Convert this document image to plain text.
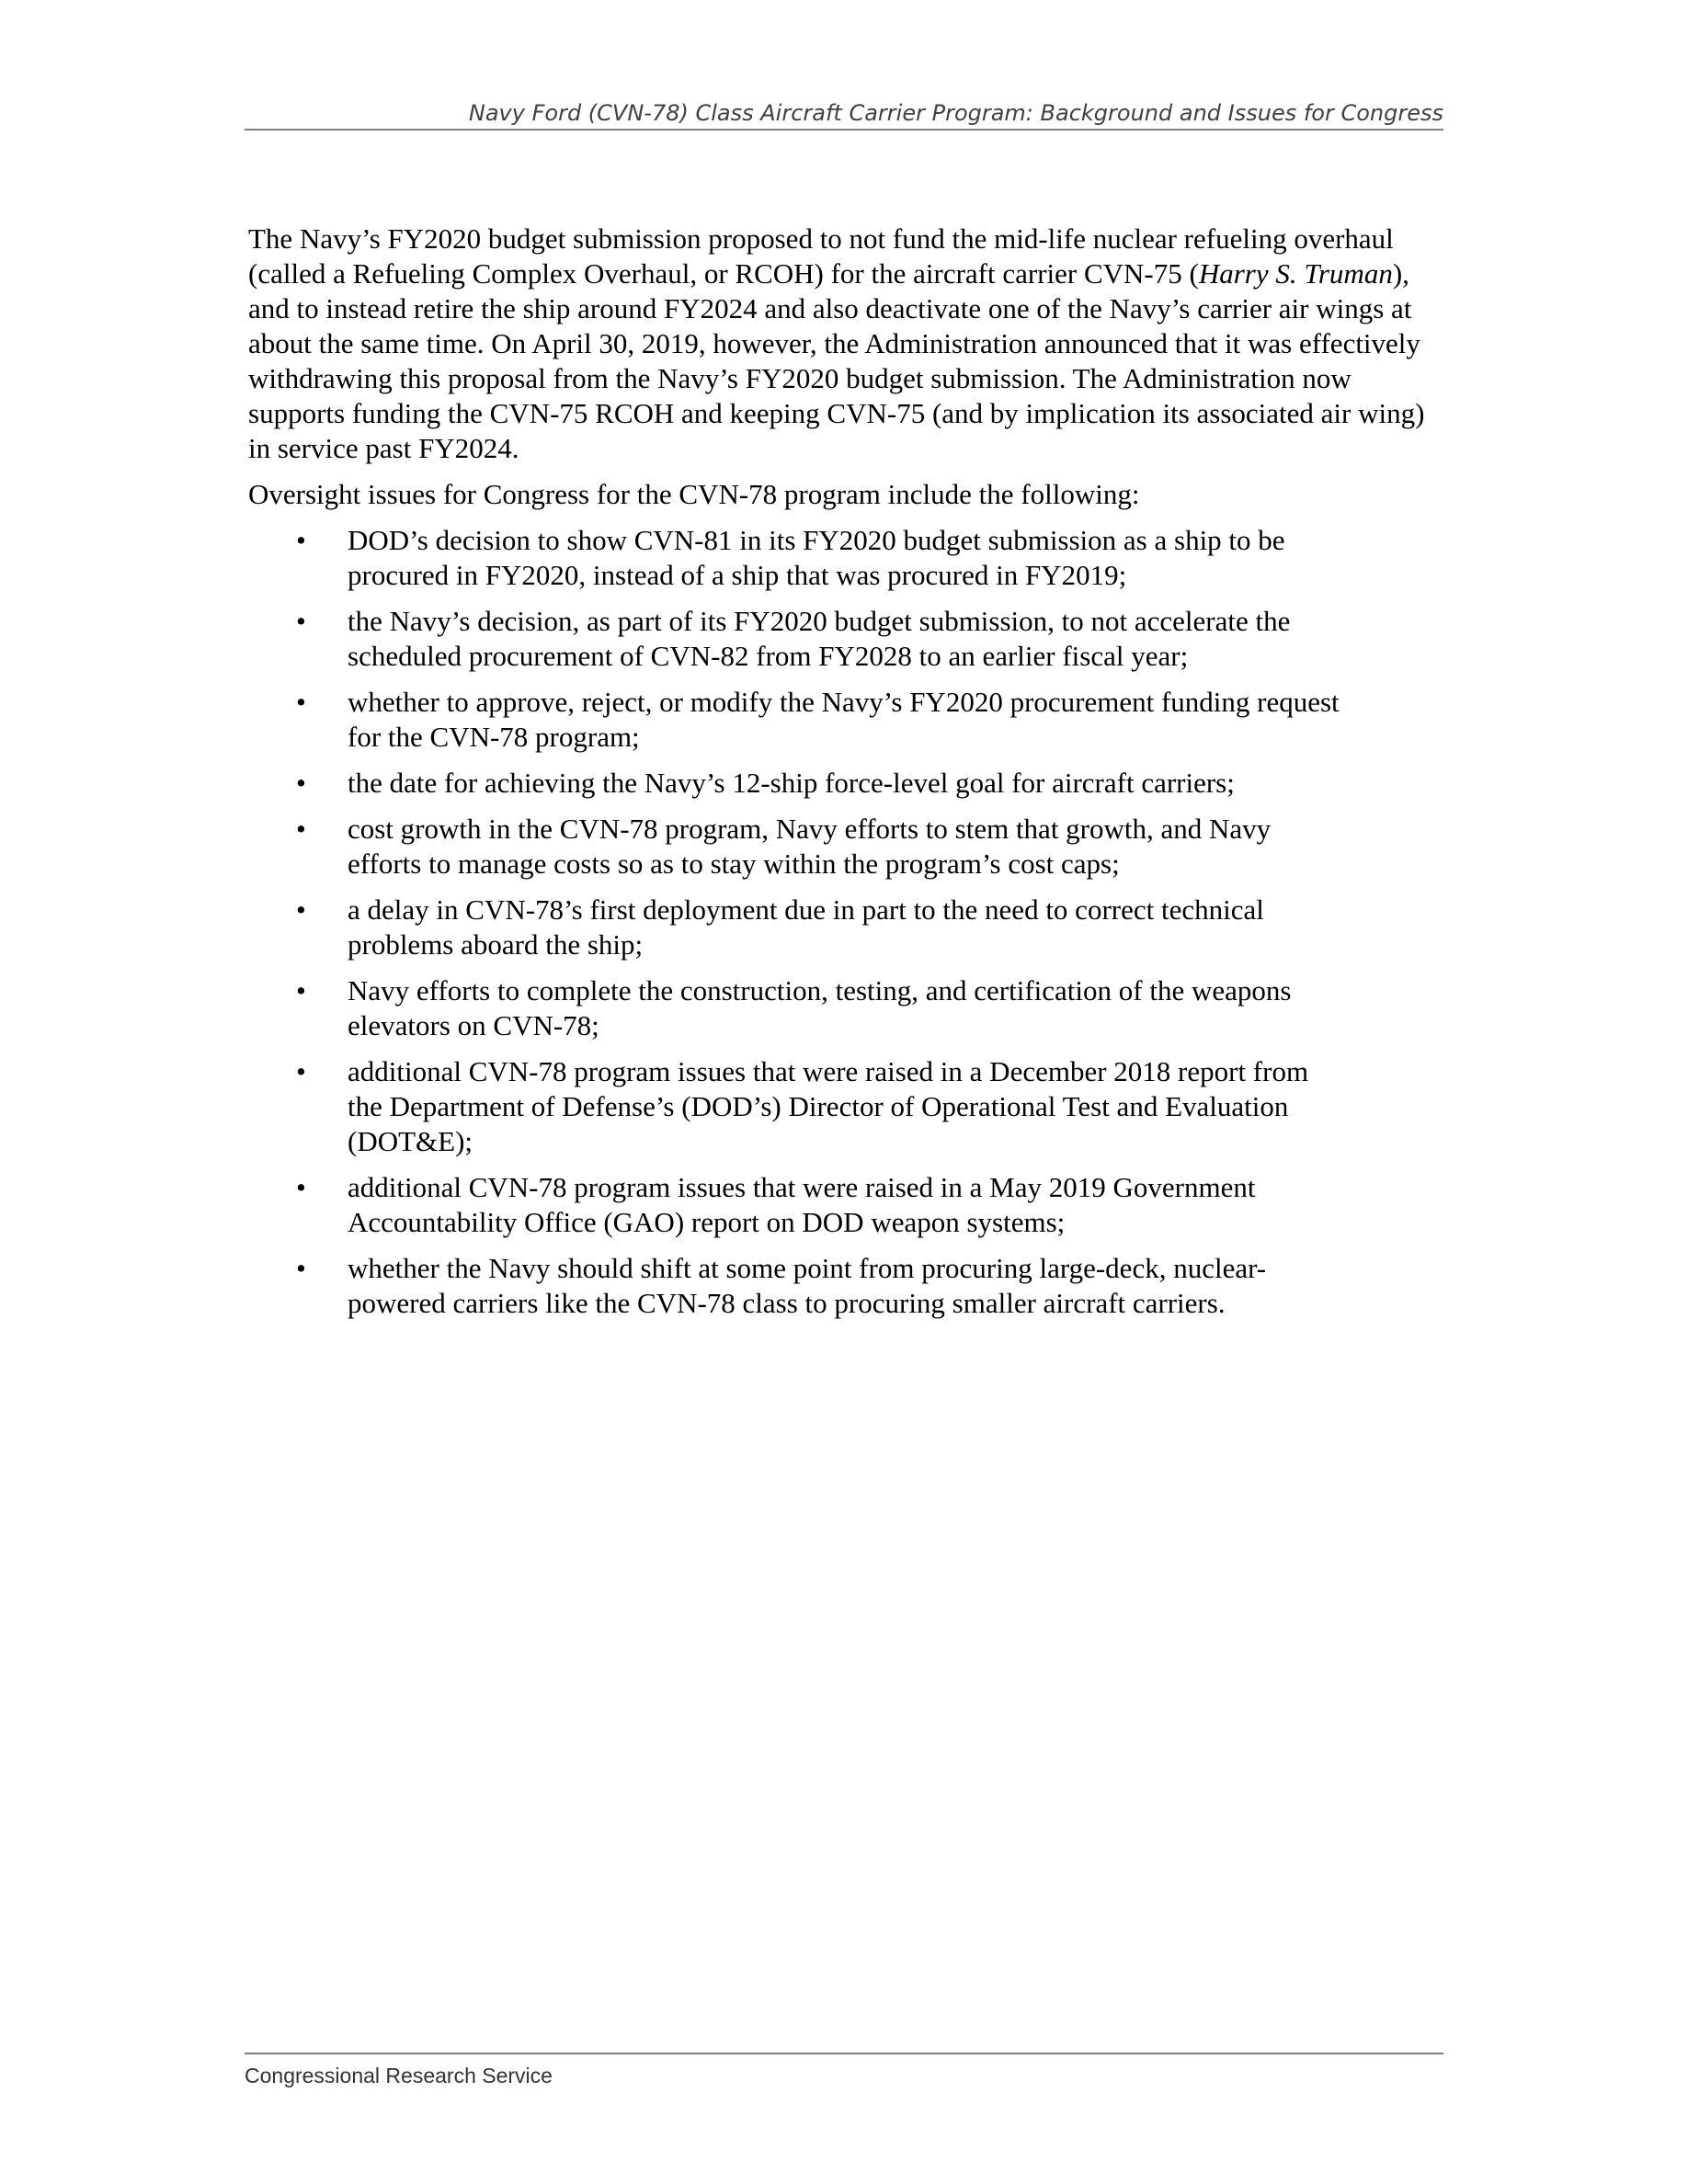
Navy Ford (CVN-78) Class Aircraft Carrier Program: Background and Issues for Congress

The Navy’s FY2020 budget submission proposed to not fund the mid-life nuclear refueling overhaul (called a Refueling Complex Overhaul, or RCOH) for the aircraft carrier CVN-75 (Harry S. Truman), and to instead retire the ship around FY2024 and also deactivate one of the Navy’s carrier air wings at about the same time. On April 30, 2019, however, the Administration announced that it was effectively withdrawing this proposal from the Navy’s FY2020 budget submission. The Administration now supports funding the CVN-75 RCOH and keeping CVN-75 (and by implication its associated air wing) in service past FY2024.

Oversight issues for Congress for the CVN-78 program include the following:

• DOD’s decision to show CVN-81 in its FY2020 budget submission as a ship to be procured in FY2020, instead of a ship that was procured in FY2019;
• the Navy’s decision, as part of its FY2020 budget submission, to not accelerate the scheduled procurement of CVN-82 from FY2028 to an earlier fiscal year;
• whether to approve, reject, or modify the Navy’s FY2020 procurement funding request for the CVN-78 program;
• the date for achieving the Navy’s 12-ship force-level goal for aircraft carriers;
• cost growth in the CVN-78 program, Navy efforts to stem that growth, and Navy efforts to manage costs so as to stay within the program’s cost caps;
• a delay in CVN-78’s first deployment due in part to the need to correct technical problems aboard the ship;
• Navy efforts to complete the construction, testing, and certification of the weapons elevators on CVN-78;
• additional CVN-78 program issues that were raised in a December 2018 report from the Department of Defense’s (DOD’s) Director of Operational Test and Evaluation (DOT&E);
• additional CVN-78 program issues that were raised in a May 2019 Government Accountability Office (GAO) report on DOD weapon systems;
• whether the Navy should shift at some point from procuring large-deck, nuclear-powered carriers like the CVN-78 class to procuring smaller aircraft carriers.
Congressional Research Service
